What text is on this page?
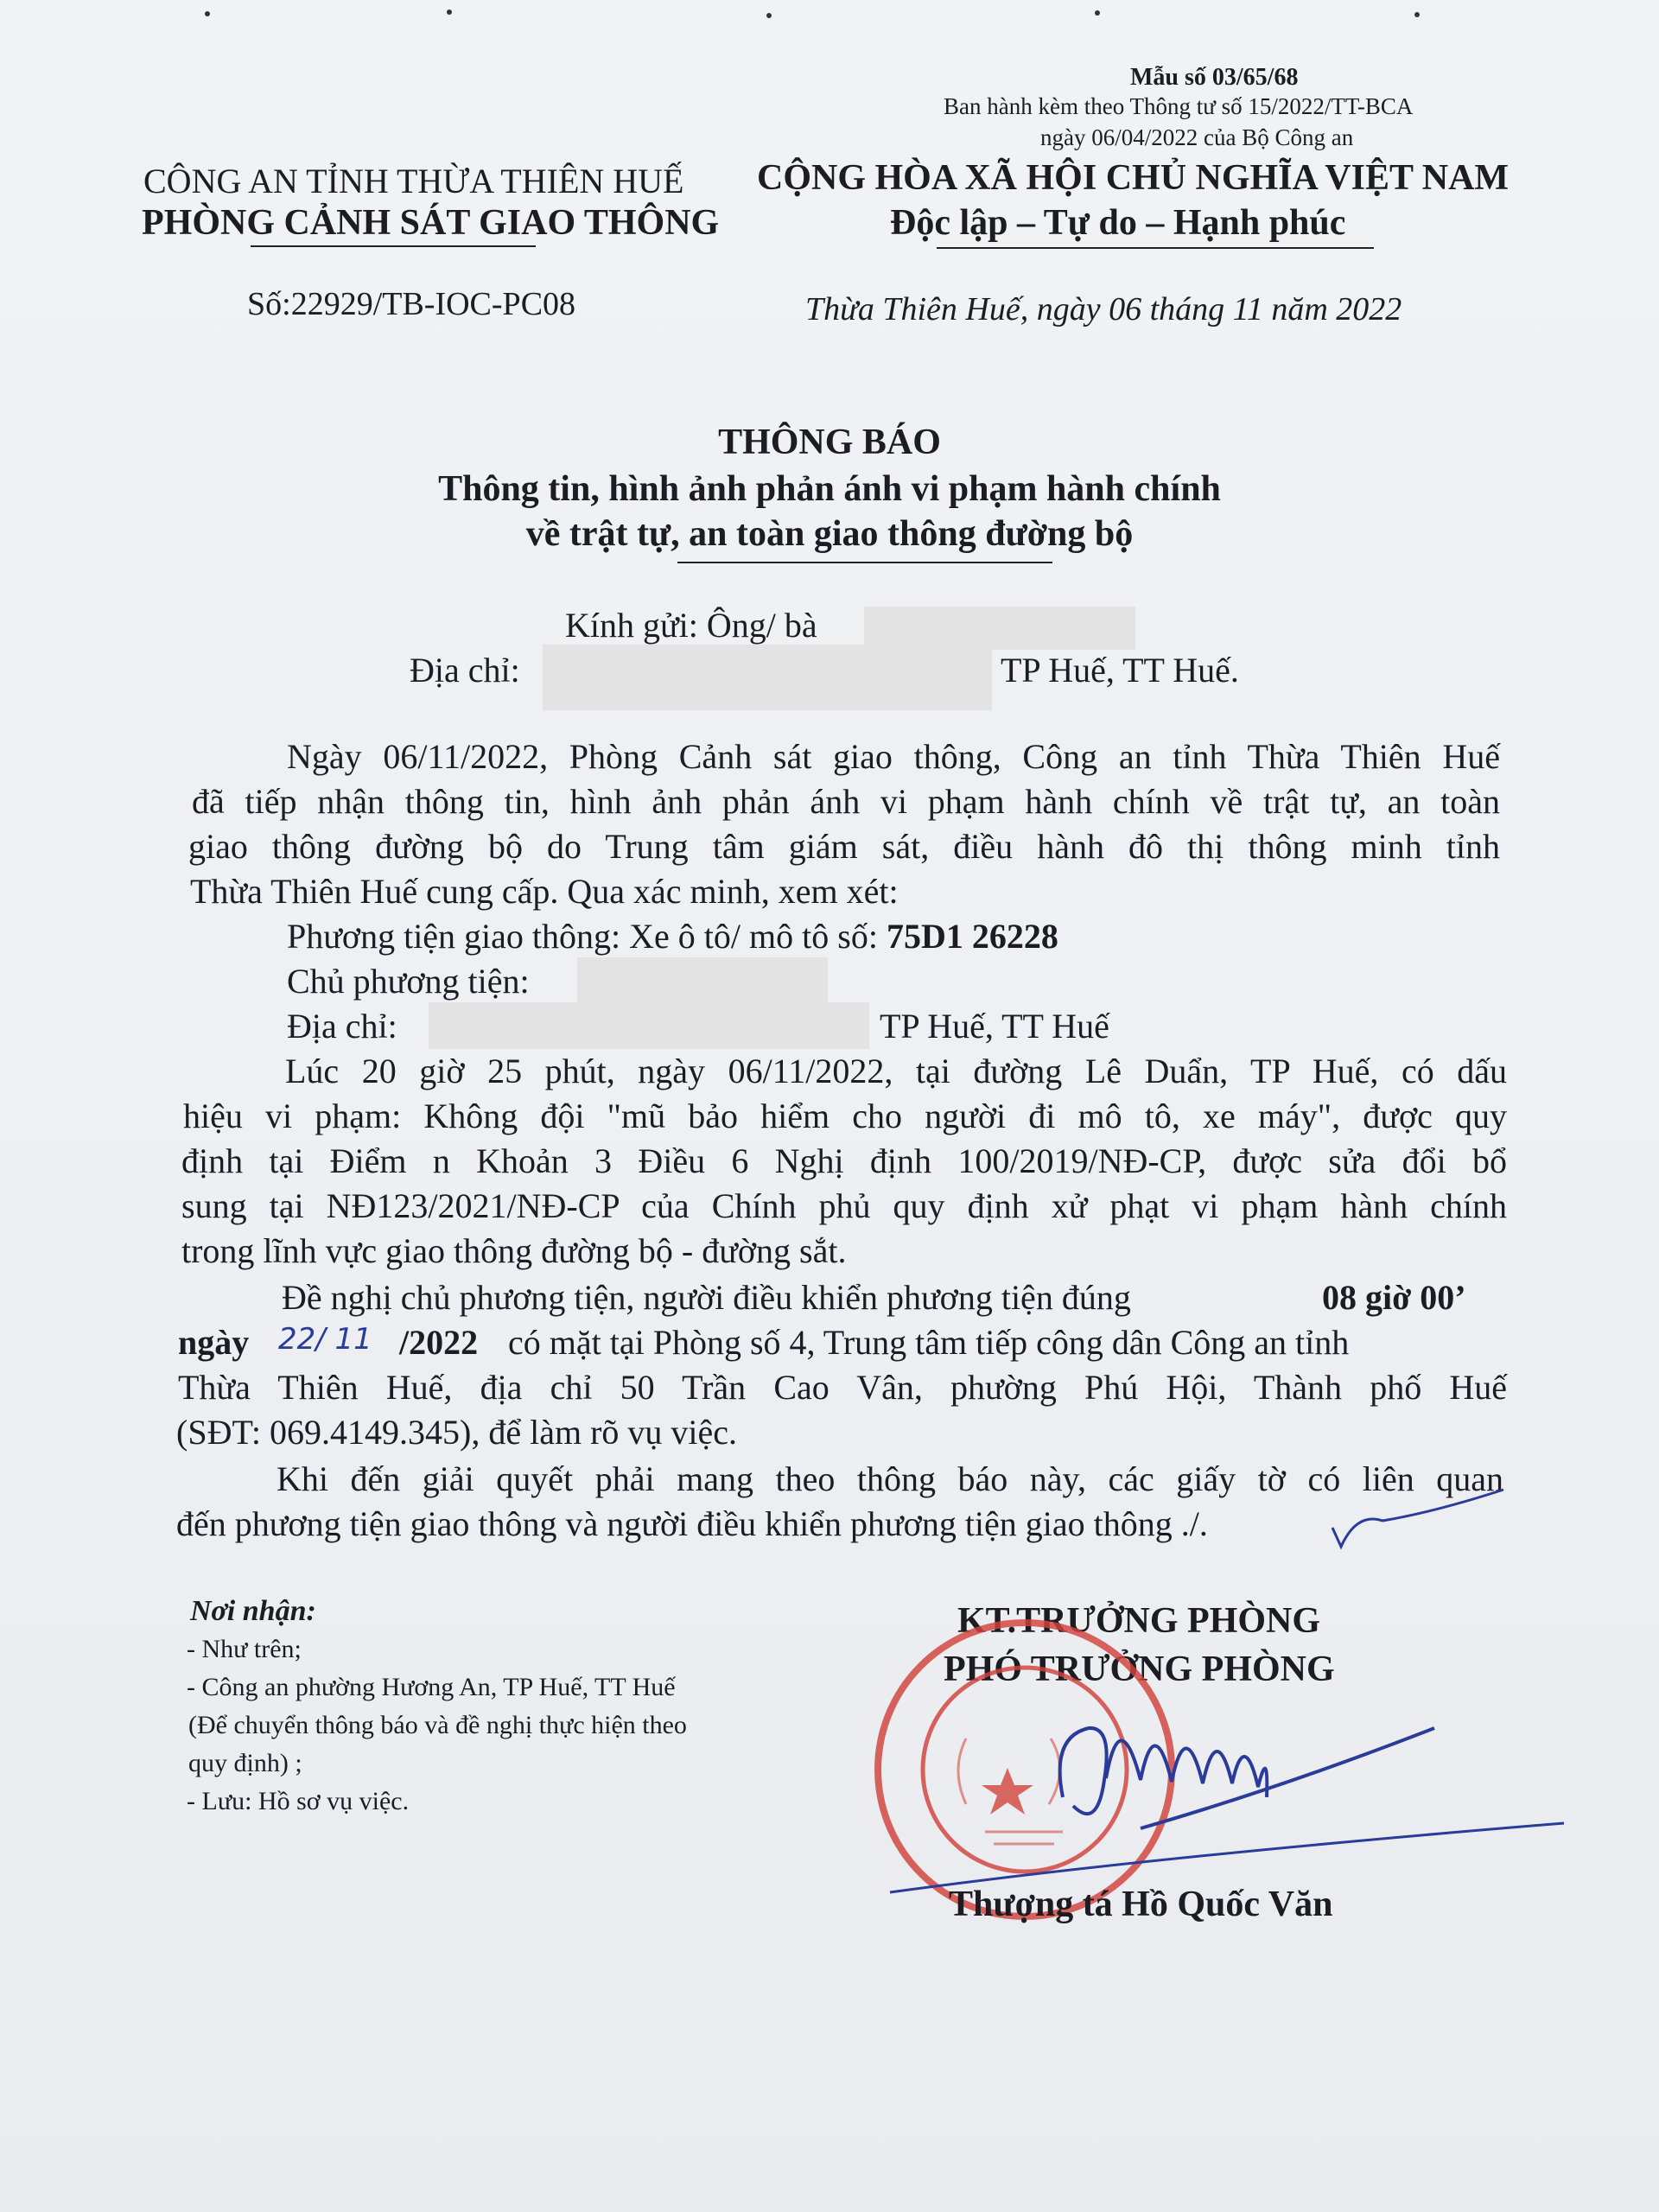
Mẫu số 03/65/68
Ban hành kèm theo Thông tư số 15/2022/TT-BCA
ngày 06/04/2022 của Bộ Công an
CÔNG AN TỈNH THỪA THIÊN HUẾ
PHÒNG CẢNH SÁT GIAO THÔNG
CỘNG HÒA XÃ HỘI CHỦ NGHĨA VIỆT NAM
Độc lập – Tự do – Hạnh phúc
Số:22929/TB-IOC-PC08	Thừa Thiên Huế, ngày 06 tháng 11 năm 2022
THÔNG BÁO
Thông tin, hình ảnh phản ánh vi phạm hành chính
về trật tự, an toàn giao thông đường bộ
Kính gửi: Ông/ bà
Địa chỉ:	TP Huế, TT Huế.
Ngày 06/11/2022, Phòng Cảnh sát giao thông, Công an tỉnh Thừa Thiên Huế
đã tiếp nhận thông tin, hình ảnh phản ánh vi phạm hành chính về trật tự, an toàn
giao thông đường bộ do Trung tâm giám sát, điều hành đô thị thông minh tỉnh
Thừa Thiên Huế cung cấp. Qua xác minh, xem xét:
Phương tiện giao thông: Xe ô tô/ mô tô số: 75D1 26228
Chủ phương tiện:
Địa chỉ:	TP Huế, TT Huế
Lúc 20 giờ 25 phút, ngày 06/11/2022, tại đường Lê Duẩn, TP Huế, có dấu
hiệu vi phạm: Không đội "mũ bảo hiểm cho người đi mô tô, xe máy", được quy
định tại Điểm n Khoản 3 Điều 6 Nghị định 100/2019/NĐ-CP, được sửa đổi bổ
sung tại NĐ123/2021/NĐ-CP của Chính phủ quy định xử phạt vi phạm hành chính
trong lĩnh vực giao thông đường bộ - đường sắt.
Đề nghị chủ phương tiện, người điều khiển phương tiện đúng	08 giờ 00’
ngày 22/ 11 /2022 có mặt tại Phòng số 4, Trung tâm tiếp công dân Công an tỉnh
Thừa Thiên Huế, địa chỉ 50 Trần Cao Vân, phường Phú Hội, Thành phố Huế
(SĐT: 069.4149.345), để làm rõ vụ việc.
Khi đến giải quyết phải mang theo thông báo này, các giấy tờ có liên quan
đến phương tiện giao thông và người điều khiển phương tiện giao thông ./.
Nơi nhận:
- Như trên;
- Công an phường Hương An, TP Huế, TT Huế
(Để chuyển thông báo và đề nghị thực hiện theo
quy định) ;
- Lưu: Hồ sơ vụ việc.
KT.TRƯỞNG PHÒNG
PHÓ TRƯỞNG PHÒNG
Thượng tá Hồ Quốc Văn
